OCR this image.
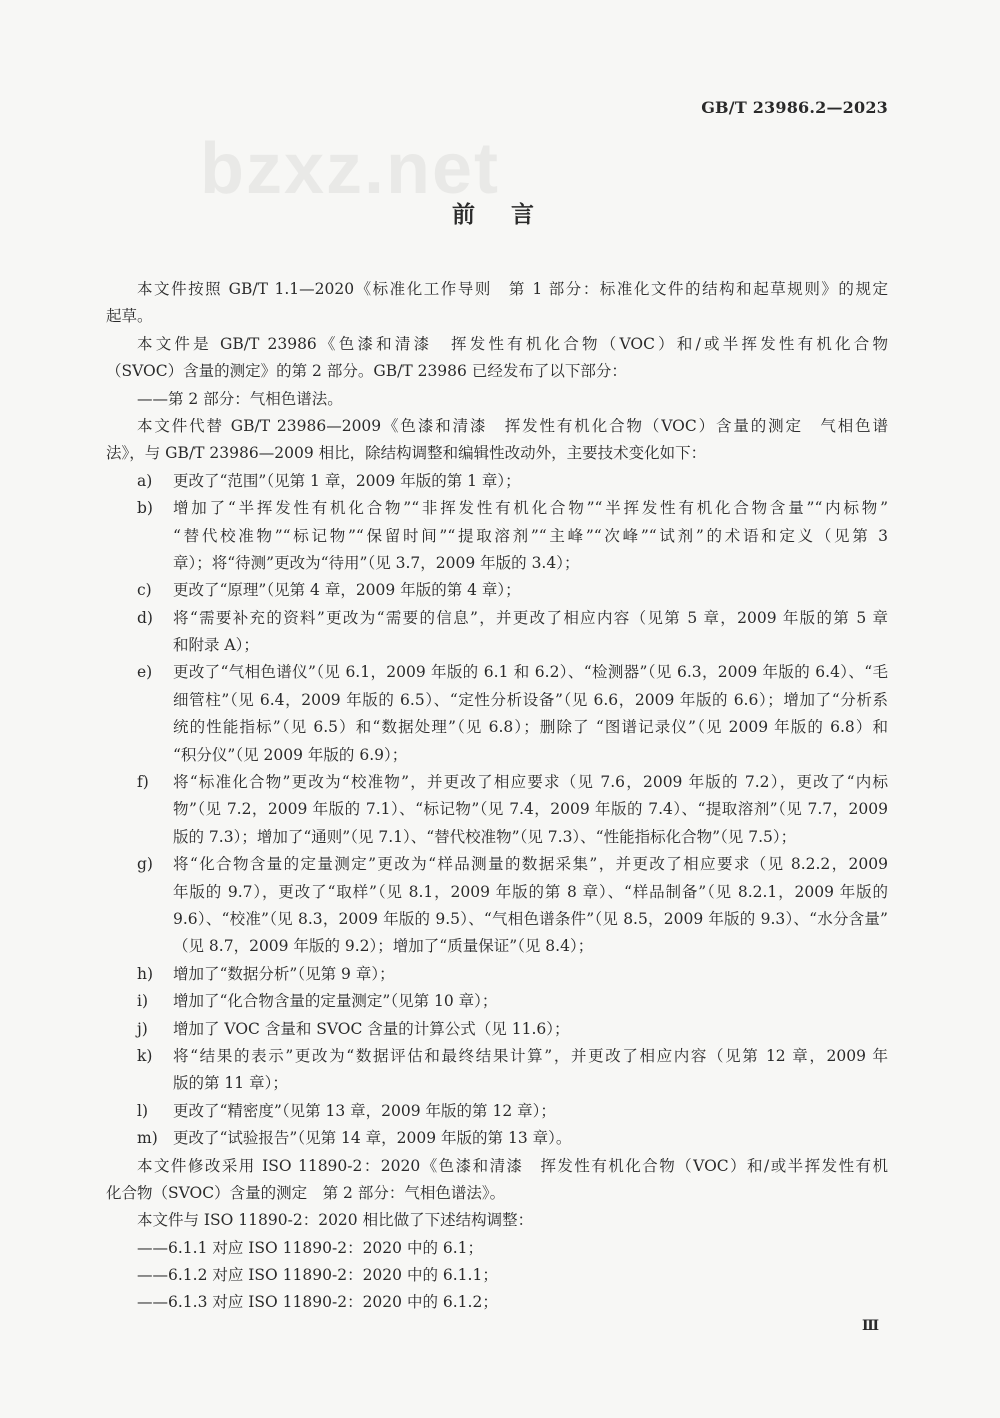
GB/T 23986.2—2023
bzxz.net
前 言
本文件按照 GB/T 1.1—2020《标准化工作导则　第 1 部分：标准化文件的结构和起草规则》的规定
起草。
本文件是 GB/T 23986《色漆和清漆　挥发性有机化合物（VOC）和/或半挥发性有机化合物
（SVOC）含量的测定》的第 2 部分。GB/T 23986 已经发布了以下部分：
——第 2 部分：气相色谱法。
本文件代替 GB/T 23986—2009《色漆和清漆　挥发性有机化合物（VOC）含量的测定　气相色谱
法》，与 GB/T 23986—2009 相比，除结构调整和编辑性改动外，主要技术变化如下：
a) 更改了“范围”（见第 1 章，2009 年版的第 1 章）；
b) 增加了“半挥发性有机化合物”“非挥发性有机化合物”“半挥发性有机化合物含量”“内标物”
“替代校准物”“标记物”“保留时间”“提取溶剂”“主峰”“次峰”“试剂”的术语和定义（见第 3
章）；将“待测”更改为“待用”（见 3.7，2009 年版的 3.4）；
c) 更改了“原理”（见第 4 章，2009 年版的第 4 章）；
d) 将“需要补充的资料”更改为“需要的信息”，并更改了相应内容（见第 5 章，2009 年版的第 5 章
和附录 A）；
e) 更改了“气相色谱仪”（见 6.1，2009 年版的 6.1 和 6.2）、“检测器”（见 6.3，2009 年版的 6.4）、“毛
细管柱”（见 6.4，2009 年版的 6.5）、“定性分析设备”（见 6.6，2009 年版的 6.6）；增加了“分析系
统的性能指标”（见 6.5）和“数据处理”（见 6.8）；删除了 “图谱记录仪”（见 2009 年版的 6.8）和
“积分仪”（见 2009 年版的 6.9）；
f) 将“标准化合物”更改为“校准物”，并更改了相应要求（见 7.6，2009 年版的 7.2），更改了“内标
物”（见 7.2，2009 年版的 7.1）、“标记物”（见 7.4，2009 年版的 7.4）、“提取溶剂”（见 7.7，2009
版的 7.3）；增加了“通则”（见 7.1）、“替代校准物”（见 7.3）、“性能指标化合物”（见 7.5）；
g) 将“化合物含量的定量测定”更改为“样品测量的数据采集”，并更改了相应要求（见 8.2.2，2009
年版的 9.7），更改了“取样”（见 8.1，2009 年版的第 8 章）、“样品制备”（见 8.2.1，2009 年版的
9.6）、“校准”（见 8.3，2009 年版的 9.5）、“气相色谱条件”（见 8.5，2009 年版的 9.3）、“水分含量”
（见 8.7，2009 年版的 9.2）；增加了“质量保证”（见 8.4）；
h) 增加了“数据分析”（见第 9 章）；
i) 增加了“化合物含量的定量测定”（见第 10 章）；
j) 增加了 VOC 含量和 SVOC 含量的计算公式（见 11.6）；
k) 将“结果的表示”更改为“数据评估和最终结果计算”，并更改了相应内容（见第 12 章，2009 年
版的第 11 章）；
l) 更改了“精密度”（见第 13 章，2009 年版的第 12 章）；
m) 更改了“试验报告”（见第 14 章，2009 年版的第 13 章）。
本文件修改采用 ISO 11890-2：2020《色漆和清漆　挥发性有机化合物（VOC）和/或半挥发性有机
化合物（SVOC）含量的测定　第 2 部分：气相色谱法》。
本文件与 ISO 11890-2：2020 相比做了下述结构调整：
——6.1.1 对应 ISO 11890-2：2020 中的 6.1；
——6.1.2 对应 ISO 11890-2：2020 中的 6.1.1；
——6.1.3 对应 ISO 11890-2：2020 中的 6.1.2；
Ⅲ
